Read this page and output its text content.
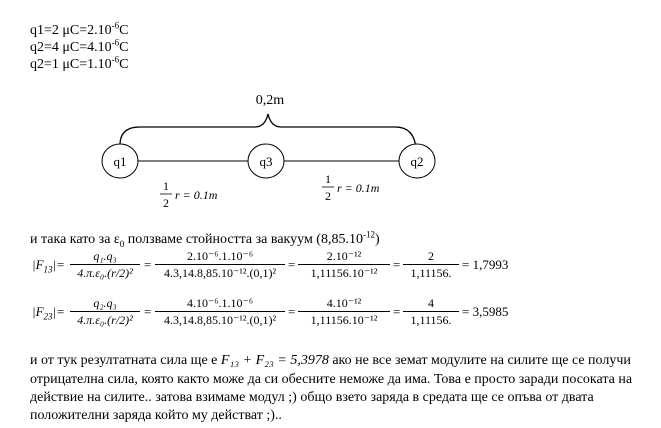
q1=2 $\mu C=2.10^{-6}C$
q2=4 $\mu C=4.10^{-6}C$
q2=1 $\mu C=1.10^{-6}C$
0,2m
q1	q3	q2
1
2
r = 0.1m
1
2
r = 0.1m
и така като за $\varepsilon_0$ ползваме стойността за вакуум $(8,85.10^{-12})$
$|F_{13}|= \frac{\text{q₁.q₃}}{\text{4.π.ε₀.(r/2)²}} = \frac{\text{2.10⁻⁶.1.10⁻⁶}}{\text{4.3,14.8,85.10⁻¹².(0,1)²}} = \frac{\text{2.10⁻¹²}}{\text{1,11156.10⁻¹²}} = \frac{2}{1,11156.} = 1,7993$
$|F_{23}|= \frac{\text{q₂.q₃}}{\text{4.π.ε₀.(r/2)²}} = \frac{\text{4.10⁻⁶.1.10⁻⁶}}{\text{4.3,14.8,85.10⁻¹².(0,1)²}} = \frac{\text{4.10⁻¹²}}{\text{1,11156.10⁻¹²}} = \frac{4}{1,11156.} = 3,5985$
и от тук резултатната сила ще е F₁₃ + F₂₃ = 5,3978 ако не все земат модулите на силите ще се получи
отрицателна сила, която както може да си обесните неможе да има. Това е просто заради посоката на
действие на силите.. затова взимаме модул ;) общо взето заряда в средата ще се опъва от двата
положителни заряда който му действат ;)..
